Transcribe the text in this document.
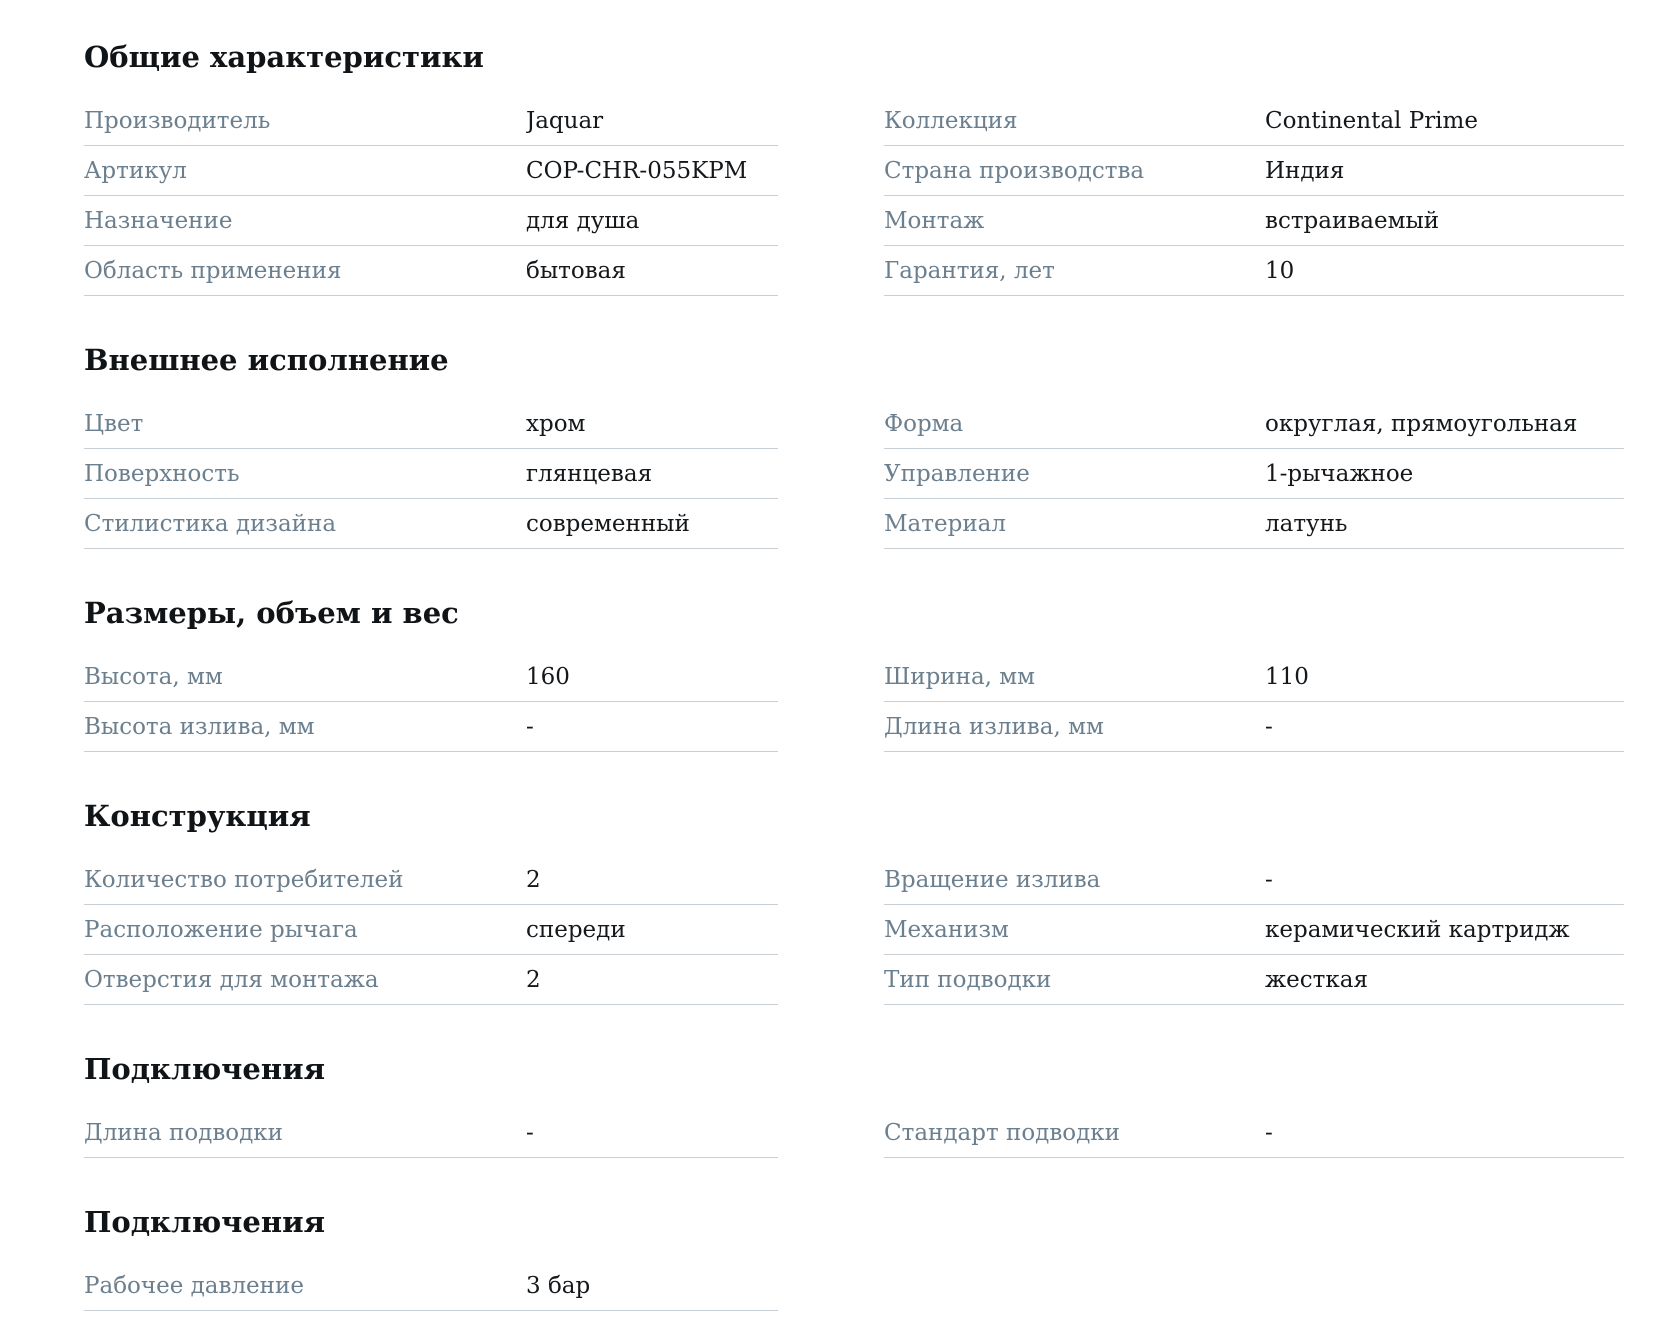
Общие характеристики
Производитель	Jaquar	Коллекция	Continental Prime
Артикул	COP-CHR-055KPM	Страна производства	Индия
Назначение	для душа	Монтаж	встраиваемый
Область применения	бытовая	Гарантия, лет	10
Внешнее исполнение
Цвет	хром	Форма	округлая, прямоугольная
Поверхность	глянцевая	Управление	1-рычажное
Стилистика дизайна	современный	Материал	латунь
Размеры, объем и вес
Высота, мм	160	Ширина, мм	110
Высота излива, мм	-	Длина излива, мм	-
Конструкция
Количество потребителей	2	Вращение излива	-
Расположение рычага	спереди	Механизм	керамический картридж
Отверстия для монтажа	2	Тип подводки	жесткая
Подключения
Длина подводки	-	Стандарт подводки	-
Подключения
Рабочее давление	3 бар
